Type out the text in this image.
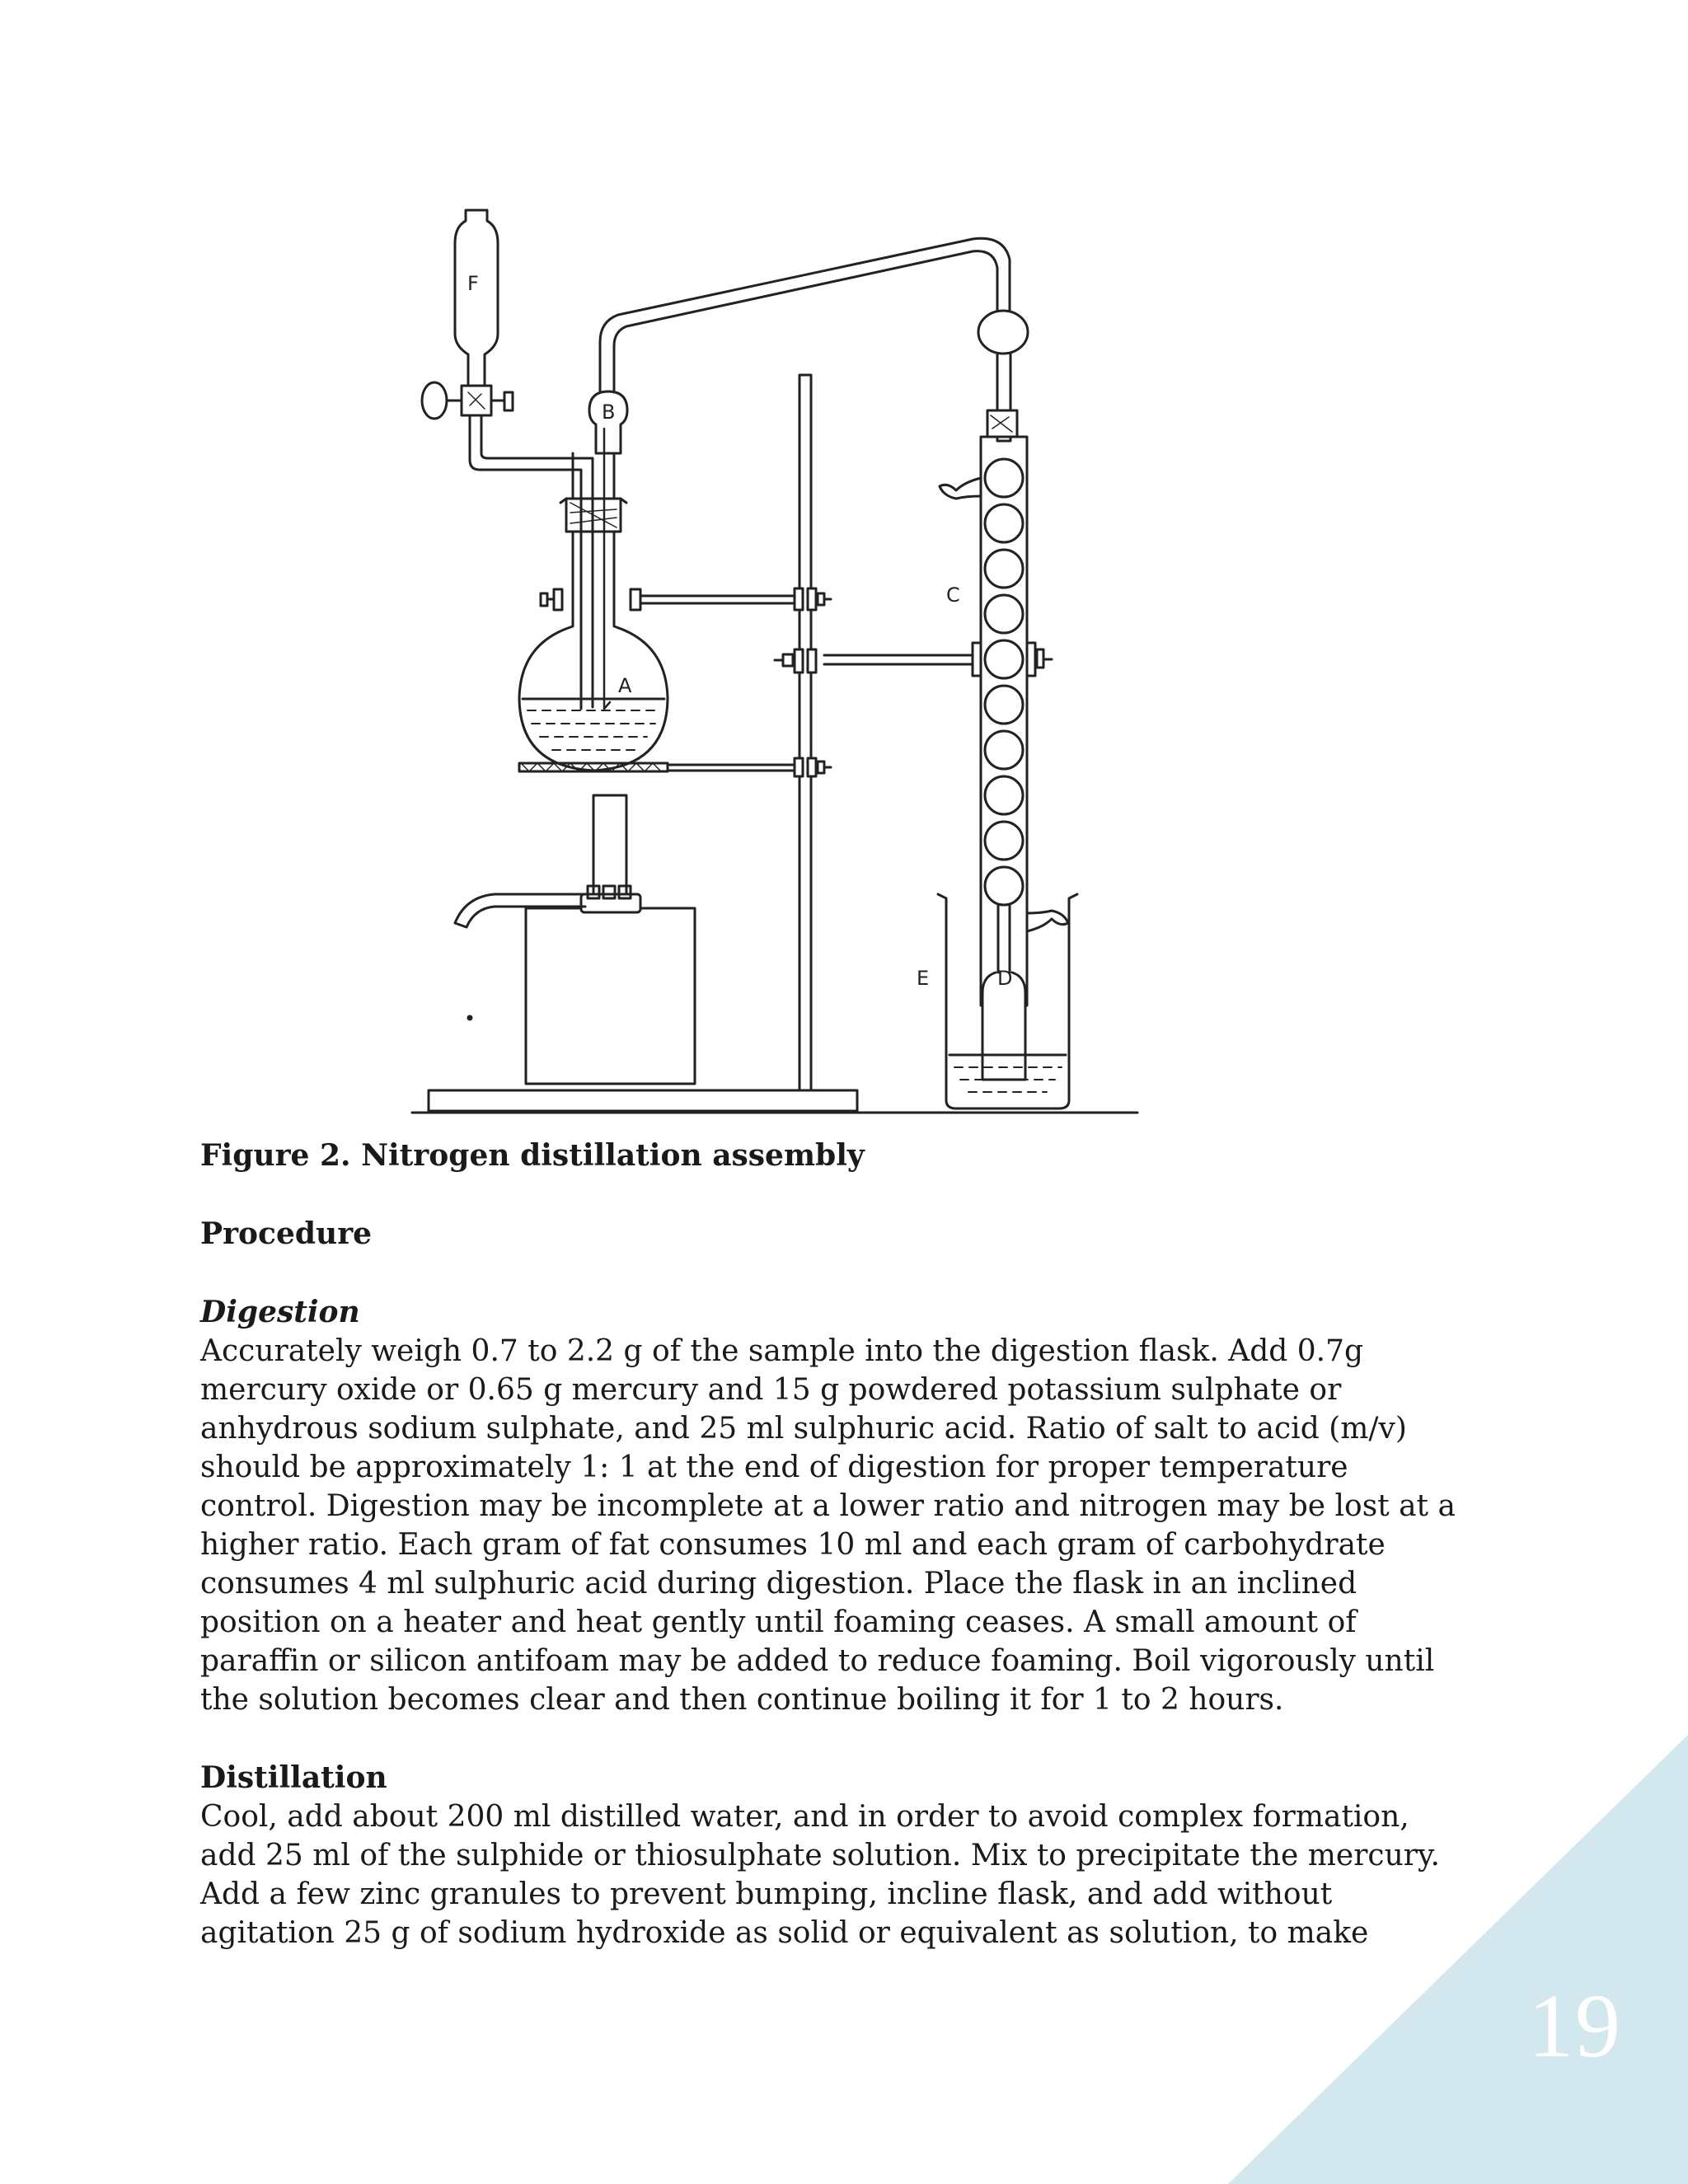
19
F
B
C
A
E	D

Figure 2. Nitrogen distillation assembly

Procedure

Digestion

Accurately weigh 0.7 to 2.2 g of the sample into the digestion flask. Add 0.7g

mercury oxide or 0.65 g mercury and 15 g powdered potassium sulphate or

anhydrous sodium sulphate, and 25 ml sulphuric acid. Ratio of salt to acid (m/v)

should be approximately 1: 1 at the end of digestion for proper temperature

control. Digestion may be incomplete at a lower ratio and nitrogen may be lost at a

higher ratio. Each gram of fat consumes 10 ml and each gram of carbohydrate

consumes 4 ml sulphuric acid during digestion. Place the flask in an inclined

position on a heater and heat gently until foaming ceases. A small amount of

paraffin or silicon antifoam may be added to reduce foaming. Boil vigorously until

the solution becomes clear and then continue boiling it for 1 to 2 hours.

Distillation

Cool, add about 200 ml distilled water, and in order to avoid complex formation,

add 25 ml of the sulphide or thiosulphate solution. Mix to precipitate the mercury.

Add a few zinc granules to prevent bumping, incline flask, and add without

agitation 25 g of sodium hydroxide as solid or equivalent as solution, to make
